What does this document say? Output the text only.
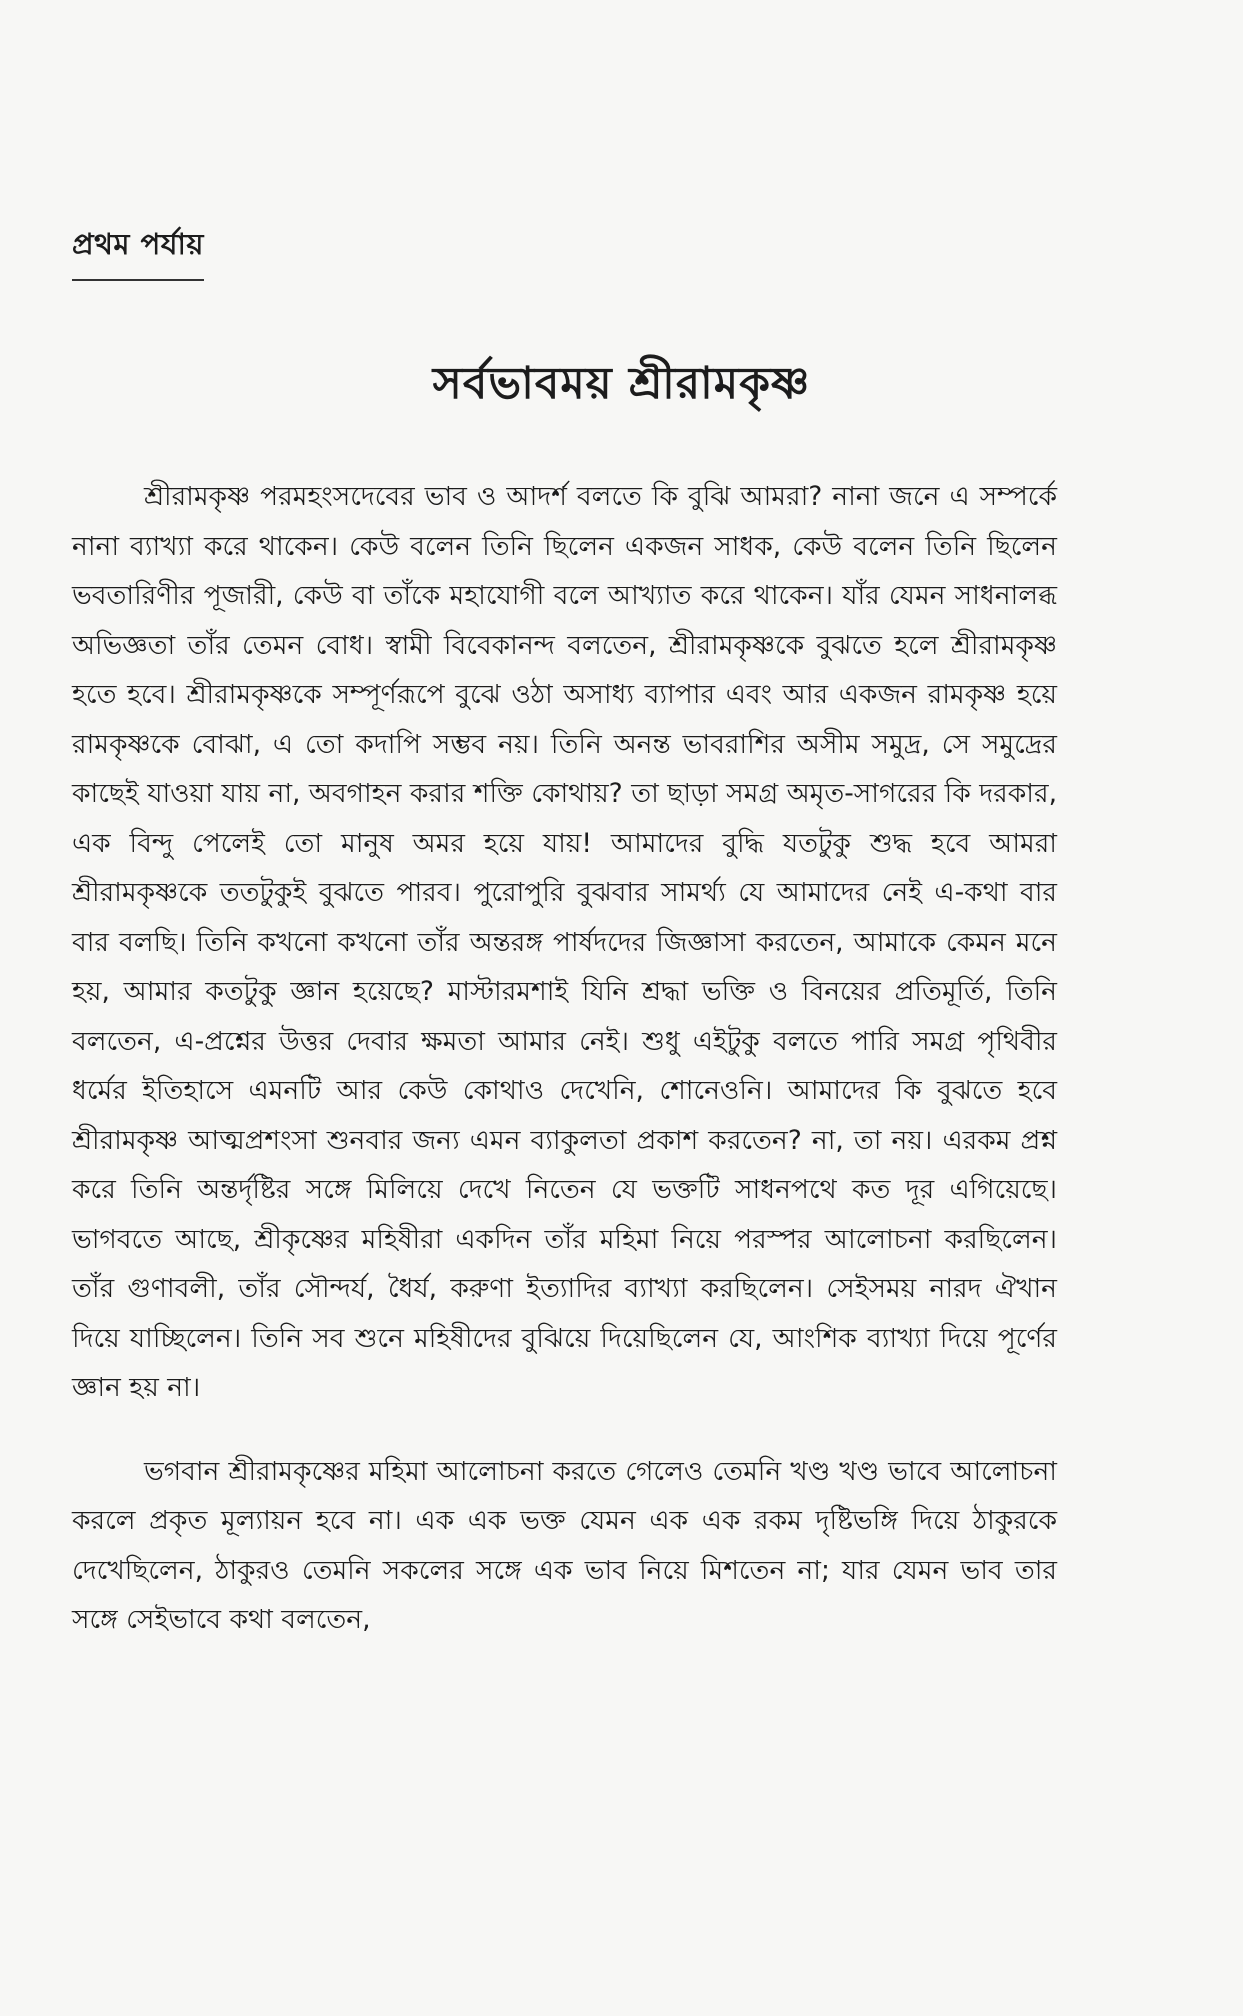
প্রথম পর্যায়
সর্বভাবময় শ্রীরামকৃষ্ণ

শ্রীরামকৃষ্ণ পরমহংসদেবের ভাব ও আদর্শ বলতে কি বুঝি আমরা? নানা জনে এ সম্পর্কে নানা ব্যাখ্যা করে থাকেন। কেউ বলেন তিনি ছিলেন একজন সাধক, কেউ বলেন তিনি ছিলেন ভবতারিণীর পূজারী, কেউ বা তাঁকে মহাযোগী বলে আখ্যাত করে থাকেন। যাঁর যেমন সাধনালব্ধ অভিজ্ঞতা তাঁর তেমন বোধ। স্বামী বিবেকানন্দ বলতেন, শ্রীরামকৃষ্ণকে বুঝতে হলে শ্রীরামকৃষ্ণ হতে হবে। শ্রীরামকৃষ্ণকে সম্পূর্ণরূপে বুঝে ওঠা অসাধ্য ব্যাপার এবং আর একজন রামকৃষ্ণ হয়ে রামকৃষ্ণকে বোঝা, এ তো কদাপি সম্ভব নয়। তিনি অনন্ত ভাবরাশির অসীম সমুদ্র, সে সমুদ্রের কাছেই যাওয়া যায় না, অবগাহন করার শক্তি কোথায়? তা ছাড়া সমগ্র অমৃত-সাগরের কি দরকার, এক বিন্দু পেলেই তো মানুষ অমর হয়ে যায়! আমাদের বুদ্ধি যতটুকু শুদ্ধ হবে আমরা শ্রীরামকৃষ্ণকে ততটুকুই বুঝতে পারব। পুরোপুরি বুঝবার সামর্থ্য যে আমাদের নেই এ-কথা বার বার বলছি। তিনি কখনো কখনো তাঁর অন্তরঙ্গ পার্ষদদের জিজ্ঞাসা করতেন, আমাকে কেমন মনে হয়, আমার কতটুকু জ্ঞান হয়েছে? মাস্টারমশাই যিনি শ্রদ্ধা ভক্তি ও বিনয়ের প্রতিমূর্তি, তিনি বলতেন, এ-প্রশ্নের উত্তর দেবার ক্ষমতা আমার নেই। শুধু এইটুকু বলতে পারি সমগ্র পৃথিবীর ধর্মের ইতিহাসে এমনটি আর কেউ কোথাও দেখেনি, শোনেওনি। আমাদের কি বুঝতে হবে শ্রীরামকৃষ্ণ আত্মপ্রশংসা শুনবার জন্য এমন ব্যাকুলতা প্রকাশ করতেন? না, তা নয়। এরকম প্রশ্ন করে তিনি অন্তর্দৃষ্টির সঙ্গে মিলিয়ে দেখে নিতেন যে ভক্তটি সাধনপথে কত দূর এগিয়েছে। ভাগবতে আছে, শ্রীকৃষ্ণের মহিষীরা একদিন তাঁর মহিমা নিয়ে পরস্পর আলোচনা করছিলেন। তাঁর গুণাবলী, তাঁর সৌন্দর্য, ধৈর্য, করুণা ইত্যাদির ব্যাখ্যা করছিলেন। সেইসময় নারদ ঐখান দিয়ে যাচ্ছিলেন। তিনি সব শুনে মহিষীদের বুঝিয়ে দিয়েছিলেন যে, আংশিক ব্যাখ্যা দিয়ে পূর্ণের জ্ঞান হয় না।

ভগবান শ্রীরামকৃষ্ণের মহিমা আলোচনা করতে গেলেও তেমনি খণ্ড খণ্ড ভাবে আলোচনা করলে প্রকৃত মূল্যায়ন হবে না। এক এক ভক্ত যেমন এক এক রকম দৃষ্টিভঙ্গি দিয়ে ঠাকুরকে দেখেছিলেন, ঠাকুরও তেমনি সকলের সঙ্গে এক ভাব নিয়ে মিশতেন না; যার যেমন ভাব তার সঙ্গে সেইভাবে কথা বলতেন,
